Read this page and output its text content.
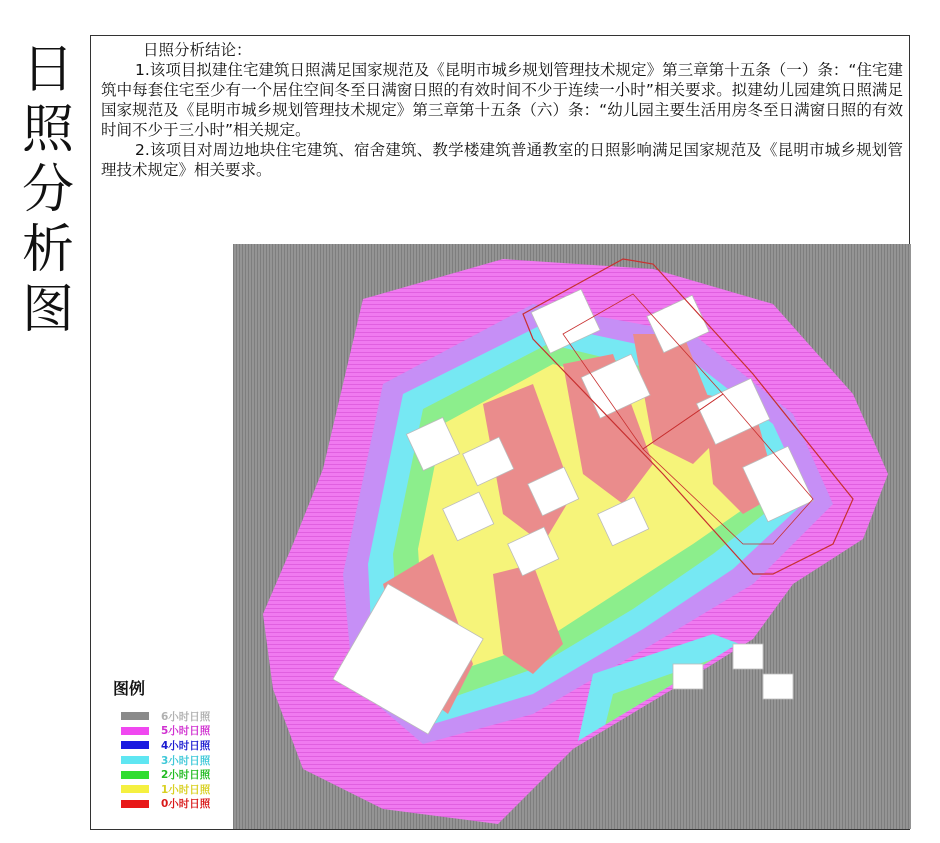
日
照
分
析
图
日照分析结论：
1.该项目拟建住宅建筑日照满足国家规范及《昆明市城乡规划管理技术规定》第三章第十五条（一）条：“住宅建筑中每套住宅至少有一个居住空间冬至日满窗日照的有效时间不少于连续一小时”相关要求。拟建幼儿园建筑日照满足国家规范及《昆明市城乡规划管理技术规定》第三章第十五条（六）条：“幼儿园主要生活用房冬至日满窗日照的有效时间不少于三小时”相关规定。
2.该项目对周边地块住宅建筑、宿舍建筑、教学楼建筑普通教室的日照影响满足国家规范及《昆明市城乡规划管理技术规定》相关要求。
图例
6小时日照
5小时日照
4小时日照
3小时日照
2小时日照
1小时日照
0小时日照
